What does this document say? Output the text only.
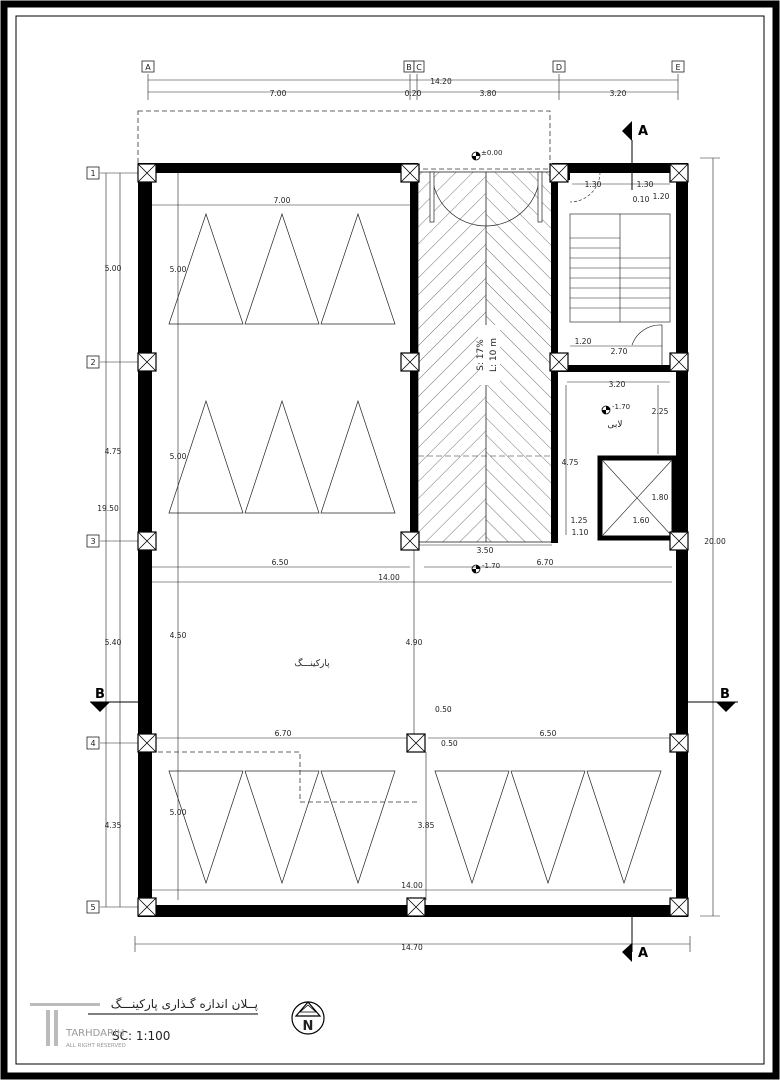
A	B C	D	E
14.20
7.00	0.20	3.80	3.20
1
2
3
4
5
5.00
4.75
19.50
5.40
4.35
20.00
14.70
S: 17% L: 10 m
3.50
±0.00
1.30	1.30
0.10 1.20
1.20
2.70
3.20
-1.70
لابی
2.25
4.75
1.80
1.25	1.60
1.10
7.00
5.00
5.00
4.50
5.00
6.50	6.70
14.00
-1.70
4.90
0.50
0.50
6.70	6.50
3.85
14.00
پارکینـــگ
A
A
B	B
پــلان اندازه گـذاری پارکینـــگ
SC: 1:100
TARHDARIH
ALL RIGHT RESERVED
N
